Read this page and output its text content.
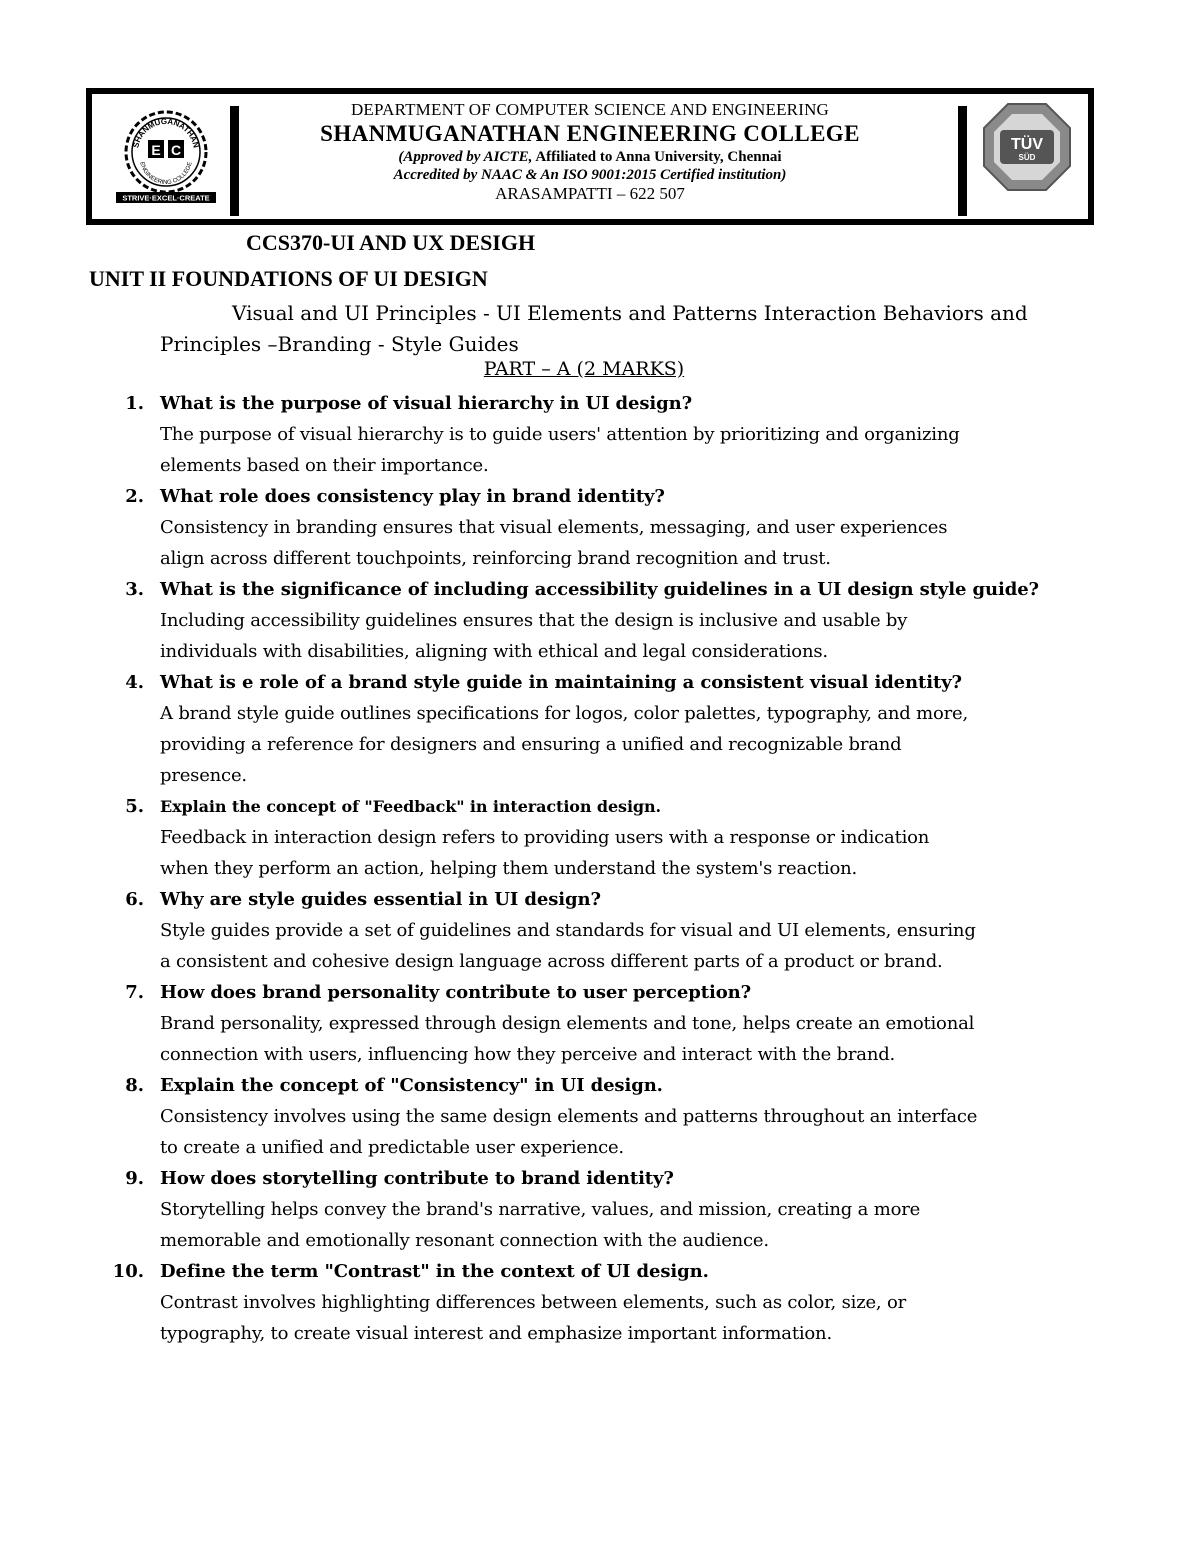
SHANMUGANATHAN
ENGINEERING COLLEGE
E C
STRIVE·EXCEL·CREATE
DEPARTMENT OF COMPUTER SCIENCE AND ENGINEERING
SHANMUGANATHAN ENGINEERING COLLEGE
(Approved by AICTE, Affiliated to Anna University, Chennai
Accredited by NAAC & An ISO 9001:2015 Certified institution)
ARASAMPATTI – 622 507
TÜV
SÜD
CCS370-UI AND UX DESIGH
UNIT II FOUNDATIONS OF UI DESIGN
Visual and UI Principles - UI Elements and Patterns Interaction Behaviors and Principles –Branding - Style Guides
PART – A (2 MARKS)
1. What is the purpose of visual hierarchy in UI design?
The purpose of visual hierarchy is to guide users' attention by prioritizing and organizing elements based on their importance.
2. What role does consistency play in brand identity?
Consistency in branding ensures that visual elements, messaging, and user experiences align across different touchpoints, reinforcing brand recognition and trust.
3. What is the significance of including accessibility guidelines in a UI design style guide?
Including accessibility guidelines ensures that the design is inclusive and usable by individuals with disabilities, aligning with ethical and legal considerations.
4. What is e role of a brand style guide in maintaining a consistent visual identity?
A brand style guide outlines specifications for logos, color palettes, typography, and more, providing a reference for designers and ensuring a unified and recognizable brand presence.
5. Explain the concept of "Feedback" in interaction design.
Feedback in interaction design refers to providing users with a response or indication when they perform an action, helping them understand the system's reaction.
6. Why are style guides essential in UI design?
Style guides provide a set of guidelines and standards for visual and UI elements, ensuring a consistent and cohesive design language across different parts of a product or brand.
7. How does brand personality contribute to user perception?
Brand personality, expressed through design elements and tone, helps create an emotional connection with users, influencing how they perceive and interact with the brand.
8. Explain the concept of "Consistency" in UI design.
Consistency involves using the same design elements and patterns throughout an interface to create a unified and predictable user experience.
9. How does storytelling contribute to brand identity?
Storytelling helps convey the brand's narrative, values, and mission, creating a more memorable and emotionally resonant connection with the audience.
10. Define the term "Contrast" in the context of UI design.
Contrast involves highlighting differences between elements, such as color, size, or typography, to create visual interest and emphasize important information.
